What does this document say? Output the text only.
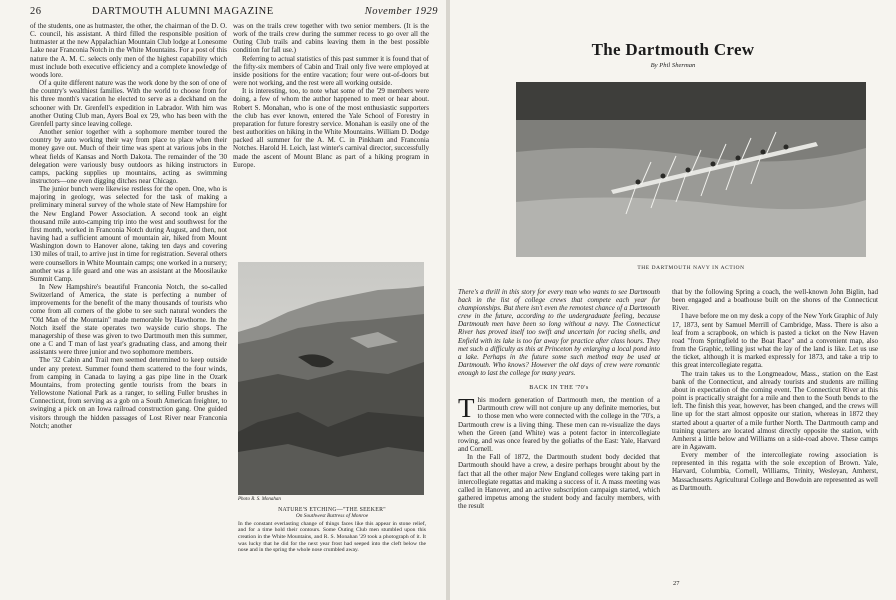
26	DARTMOUTH ALUMNI MAGAZINE	November 1929

of the students, one as hutmaster, the other, the chairman of the D. O. C. council, his assistant. A third filled the responsible position of hutmaster at the new Appalachian Mountain Club lodge at Lonesome Lake near Franconia Notch in the White Mountains. For a post of this nature the A. M. C. selects only men of the highest capability which must include both executive efficiency and a complete knowledge of woods lore.

Of a quite different nature was the work done by the son of one of the country's wealthiest families. With the world to choose from for his three month's vacation he elected to serve as a deckhand on the schooner with Dr. Grenfell's expedition in Labrador. With him was another Outing Club man, Ayers Boal ex '29, who has been with the Grenfell party since leaving college.

Another senior together with a sophomore member toured the country by auto working their way from place to place when their money gave out. Much of their time was spent at various jobs in the wheat fields of Kansas and North Dakota. The remainder of the '30 delegation were variously busy outdoors as hiking instructors in camps, packing supplies up mountains, acting as swimming instructors—one even digging ditches near Chicago.

The junior bunch were likewise restless for the open. One, who is majoring in geology, was selected for the task of making a preliminary mineral survey of the whole state of New Hampshire for the New England Power Association. A second took an eight thousand mile auto-camping trip into the west and southwest for the first month, worked in Franconia Notch during August, and then, not having had a sufficient amount of mountain air, hiked from Mount Washington down to Hanover alone, taking ten days and covering 130 miles of trail, to arrive just in time for registration. Several others were counsellors in White Mountain camps; one worked in a nursery; another was a life guard and one was an assistant at the Moosilauke Summit Camp.

In New Hampshire's beautiful Franconia Notch, the so-called Switzerland of America, the state is perfecting a number of improvements for the benefit of the many thousands of tourists who come from all corners of the globe to see such natural wonders the "Old Man of the Mountain" made memorable by Hawthorne. In the Notch itself the state operates two wayside curio shops. The managership of these was given to two Dartmouth men this summer, one a C and T man of last year's graduating class, and among their assistants were three junior and two sophomore members.

The '32 Cabin and Trail men seemed determined to keep outside under any pretext. Summer found them scattered to the four winds, from camping in Canada to laying a gas pipe line in the Ozark Mountains, from protecting gentle tourists from the bears in Yellowstone National Park as a ranger, to selling Fuller brushes in Connecticut, from serving as a gob on a South American freighter, to swinging a pick on an Iowa railroad construction gang. One guided visitors through the hidden passages of Lost River near Franconia Notch; another

was on the trails crew together with two senior members. (It is the work of the trails crew during the summer recess to go over all the Outing Club trails and cabins leaving them in the best possible condition for fall use.)

Referring to actual statistics of this past summer it is found that of the fifty-six members of Cabin and Trail only five were employed at inside positions for the entire vacation; four were out-of-doors but were not working, and the rest were all working outside.

It is interesting, too, to note what some of the '29 members were doing, a few of whom the author happened to meet or hear about. Robert S. Monahan, who is one of the most enthusiastic supporters the club has ever known, entered the Yale School of Forestry in preparation for future forestry service. Monahan is easily one of the best authorities on hiking in the White Mountains. William D. Dodge packed all summer for the A. M. C. in Pinkham and Franconia Notches. Harold H. Leich, last winter's carnival director, successfully made the ascent of Mount Blanc as part of a hiking program in Europe.

Photo R. S. Monahan
NATURE'S ETCHING—"THE SEEKER"
On Southwest Buttress of Monroe
In the constant everlasting change of things faces like this appear in stone relief, and for a time hold their contours. Some Outing Club men stumbled upon this creation in the White Mountains, and R. S. Monahan '29 took a photograph of it. It was lucky that he did for the next year frost had seeped into the cleft below the nose and in the spring the whole nose crumbled away.
The Dartmouth Crew
By Phil Sherman
THE DARTMOUTH NAVY IN ACTION
There's a thrill in this story for every man who wants to see Dartmouth back in the list of college crews that compete each year for championships. But there isn't even the remotest chance of a Dartmouth crew in the future, according to the undergraduate feeling, because Dartmouth men have been so long without a navy. The Connecticut River has proved itself too swift and uncertain for racing shells, and Enfield with its lake is too far away for practice after class hours. They met such a difficulty as this at Princeton by enlarging a local pond into a lake. Perhaps in the future some such method may be used at Dartmouth. Who knows? However the old days of crew were romantic enough to last the college for many years.
BACK IN THE '70's

This modern generation of Dartmouth men, the mention of a Dartmouth crew will not conjure up any definite memories, but to those men who were connected with the college in the '70's, a Dartmouth crew is a living thing. These men can re-visualize the days when the Green (and White) was a potent factor in intercollegiate rowing, and was once feared by the goliaths of the East: Yale, Harvard and Cornell.

In the Fall of 1872, the Dartmouth student body decided that Dartmouth should have a crew, a desire perhaps brought about by the fact that all the other major New England colleges were taking part in intercollegiate regattas and making a success of it. A mass meeting was called in Hanover, and an active subscription campaign started, which gathered impetus among the student body and faculty members, with the result

that by the following Spring a coach, the well-known John Biglin, had been engaged and a boathouse built on the shores of the Connecticut River.

I have before me on my desk a copy of the New York Graphic of July 17, 1873, sent by Samuel Merrill of Cambridge, Mass. There is also a leaf from a scrapbook, on which is pasted a ticket on the New Haven road "from Springfield to the Boat Race" and a convenient map, also from the Graphic, telling just what the lay of the land is like. Let us use the ticket, although it is marked expressly for 1873, and take a trip to this great intercollegiate regatta.

The train takes us to the Longmeadow, Mass., station on the East bank of the Connecticut, and already tourists and students are milling about in expectation of the coming event. The Connecticut River at this point is practically straight for a mile and then to the South bends to the left. The finish this year, however, has been changed, and the crews will line up for the start almost opposite our station, whereas in 1872 they started about a quarter of a mile further North. The Dartmouth camp and training quarters are located almost directly opposite the station, with Amherst a little below and Williams on a side-road above. These camps are in Agawam.

Every member of the intercollegiate rowing association is represented in this regatta with the sole exception of Brown. Yale, Harvard, Columbia, Cornell, Williams, Trinity, Wesleyan, Amherst, Massachusetts Agricultural College and Bowdoin are represented as well as Dartmouth.

27
